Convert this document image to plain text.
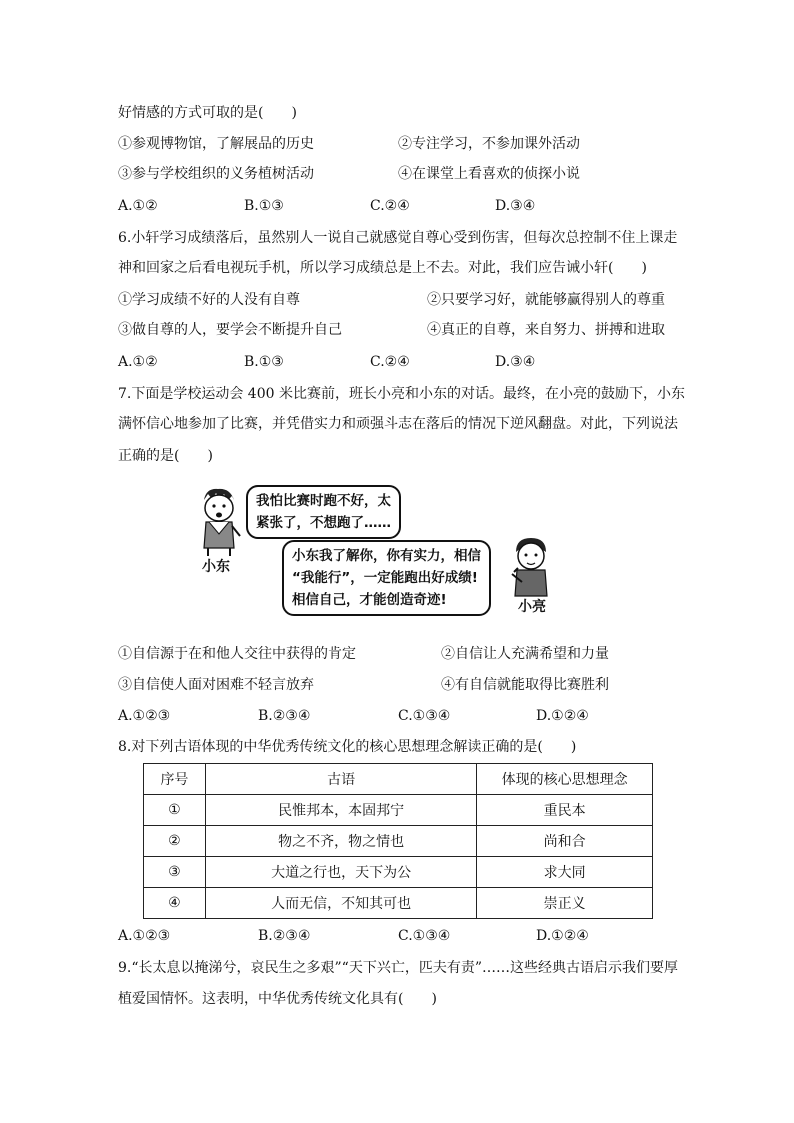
好情感的方式可取的是(　　)
①参观博物馆，了解展品的历史	②专注学习，不参加课外活动
③参与学校组织的义务植树活动	④在课堂上看喜欢的侦探小说
A.①②	B.①③	C.②④	D.③④
6.小轩学习成绩落后，虽然别人一说自己就感觉自尊心受到伤害，但每次总控制不住上课走
神和回家之后看电视玩手机，所以学习成绩总是上不去。对此，我们应告诫小轩(　　)
①学习成绩不好的人没有自尊	②只要学习好，就能够赢得别人的尊重
③做自尊的人，要学会不断提升自己	④真正的自尊，来自努力、拼搏和进取
A.①②	B.①③	C.②④	D.③④
7.下面是学校运动会 400 米比赛前，班长小亮和小东的对话。最终，在小亮的鼓励下，小东
满怀信心地参加了比赛，并凭借实力和顽强斗志在落后的情况下逆风翻盘。对此，下列说法
正确的是(　　)
小东
我怕比赛时跑不好，太
紧张了，不想跑了……
小东我了解你，你有实力，相信
“我能行”，一定能跑出好成绩!
相信自己，才能创造奇迹!	小亮
①自信源于在和他人交往中获得的肯定	②自信让人充满希望和力量
③自信使人面对困难不轻言放弃	④有自信就能取得比赛胜利
A.①②③	B.②③④	C.①③④	D.①②④
8.对下列古语体现的中华优秀传统文化的核心思想理念解读正确的是(　　)
序号	古语	体现的核心思想理念
①	民惟邦本，本固邦宁	重民本
②	物之不齐，物之情也	尚和合
③	大道之行也，天下为公	求大同
④	人而无信，不知其可也	崇正义
A.①②③	B.②③④	C.①③④	D.①②④
9.“长太息以掩涕兮，哀民生之多艰”“天下兴亡，匹夫有责”……这些经典古语启示我们要厚
植爱国情怀。这表明，中华优秀传统文化具有(　　)
